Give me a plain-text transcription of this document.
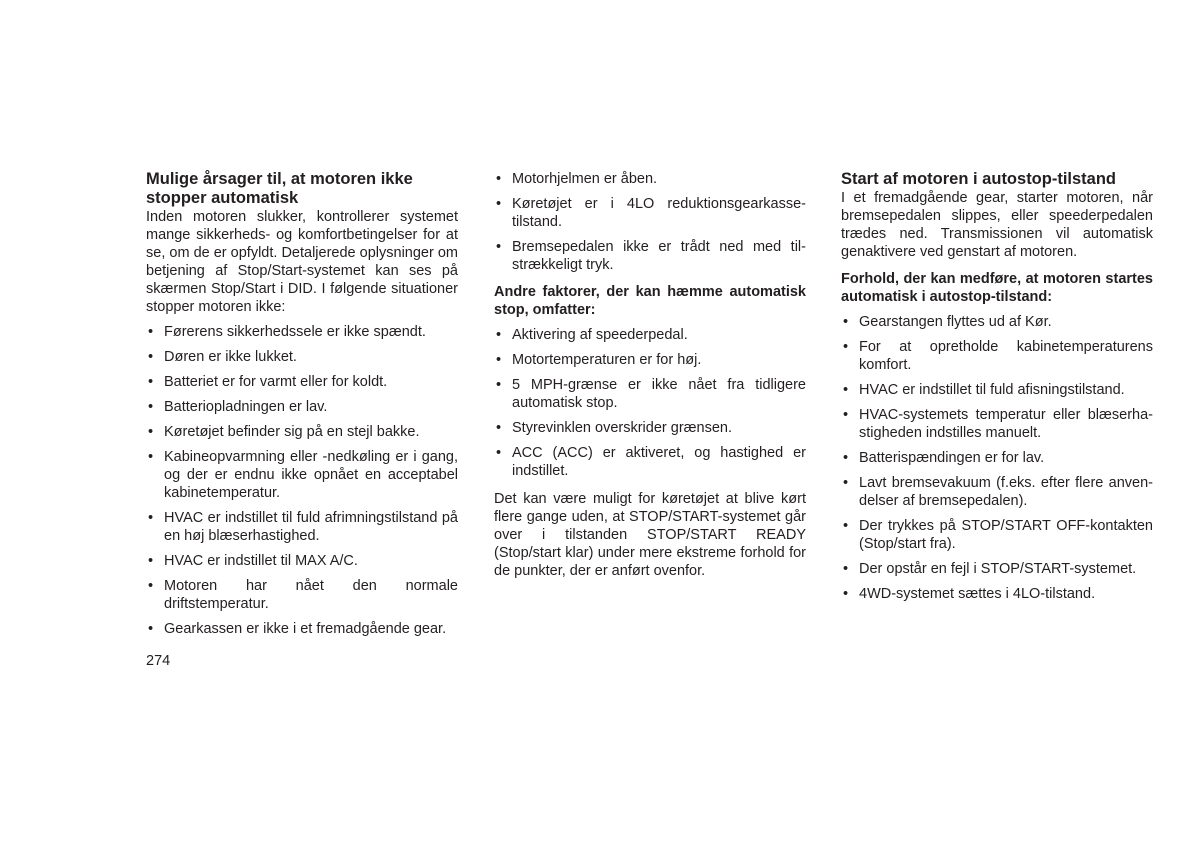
Mulige årsager til, at motoren ikke stopper automatisk

Inden motoren slukker, kontrollerer systemet mange sikkerheds- og komfortbetingelser for at se, om de er opfyldt. Detaljerede oplysninger om betjening af Stop/Start-systemet kan ses på skærmen Stop/Start i DID. I følgende situationer stopper motoren ikke:

• Førerens sikkerhedssele er ikke spændt.
• Døren er ikke lukket.
• Batteriet er for varmt eller for koldt.
• Batteriopladningen er lav.
• Køretøjet befinder sig på en stejl bakke.
• Kabineopvarmning eller -nedkøling er i gang, og der er endnu ikke opnået en acceptabel kabinetemperatur.
• HVAC er indstillet til fuld afrimningstilstand på en høj blæserhastighed.
• HVAC er indstillet til MAX A/C.
• Motoren har nået den normale driftstemperatur.
• Gearkassen er ikke i et fremadgående gear.
• Motorhjelmen er åben.
• Køretøjet er i 4LO reduktionsgearkasse-tilstand.
• Bremsepedalen ikke er trådt ned med tilstrækkeligt tryk.

Andre faktorer, der kan hæmme automatisk stop, omfatter:

• Aktivering af speederpedal.
• Motortemperaturen er for høj.
• 5 MPH-grænse er ikke nået fra tidligere automatisk stop.
• Styrevinklen overskrider grænsen.
• ACC (ACC) er aktiveret, og hastighed er indstillet.

Det kan være muligt for køretøjet at blive kørt flere gange uden, at STOP/START-systemet går over i tilstanden STOP/START READY (Stop/start klar) under mere ekstreme forhold for de punkter, der er anført ovenfor.

Start af motoren i autostop-tilstand

I et fremadgående gear, starter motoren, når bremsepedalen slippes, eller speederpedalen trædes ned. Transmissionen vil automatisk genaktivere ved genstart af motoren.

Forhold, der kan medføre, at motoren startes automatisk i autostop-tilstand:

• Gearstangen flyttes ud af Kør.
• For at opretholde kabinetemperaturens komfort.
• HVAC er indstillet til fuld afisningstilstand.
• HVAC-systemets temperatur eller blæserhastigheden indstilles manuelt.
• Batterispændingen er for lav.
• Lavt bremsevakuum (f.eks. efter flere anvendelser af bremsepedalen).
• Der trykkes på STOP/START OFF-kontakten (Stop/start fra).
• Der opstår en fejl i STOP/START-systemet.
• 4WD-systemet sættes i 4LO-tilstand.
274
